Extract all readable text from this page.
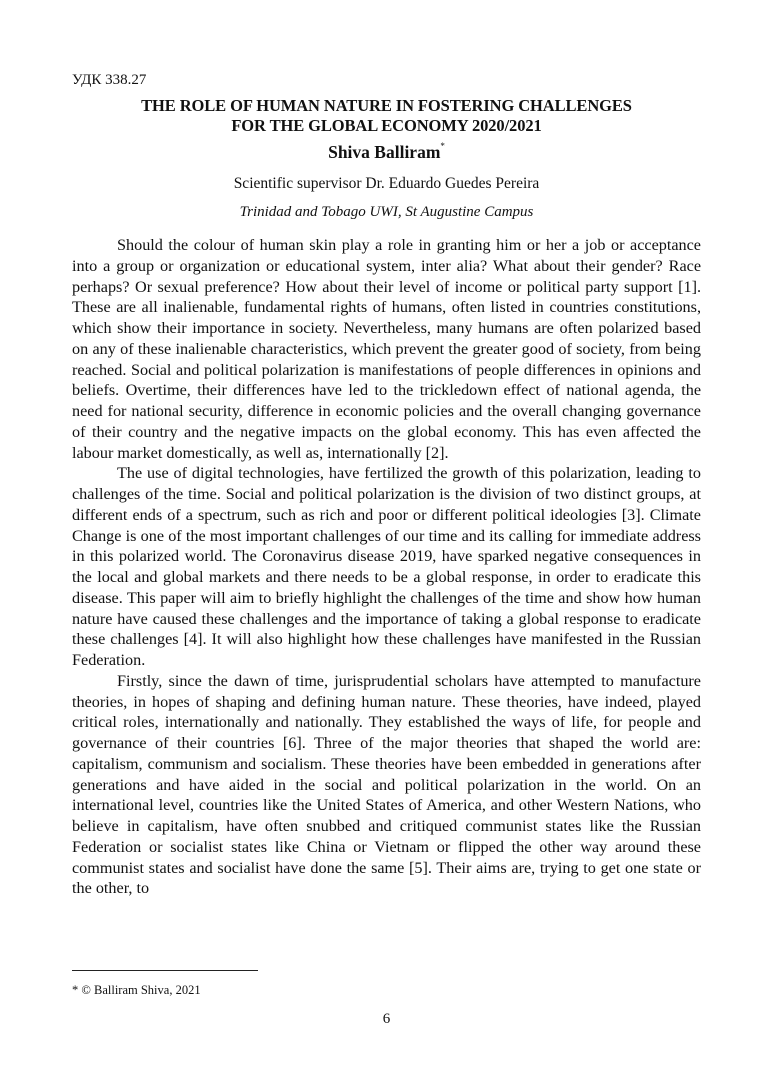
УДК 338.27
THE ROLE OF HUMAN NATURE IN FOSTERING CHALLENGES
FOR THE GLOBAL ECONOMY 2020/2021
Shiva Balliram*
Scientific supervisor Dr. Eduardo Guedes Pereira
Trinidad and Tobago UWI, St Augustine Campus

Should the colour of human skin play a role in granting him or her a job or acceptance into a group or organization or educational system, inter alia? What about their gender? Race perhaps? Or sexual preference? How about their level of income or political party support [1]. These are all inalienable, fundamental rights of humans, often listed in countries constitutions, which show their importance in society. Nevertheless, many humans are often polarized based on any of these inalienable characteristics, which prevent the greater good of society, from being reached. Social and political polarization is manifestations of people differences in opinions and beliefs. Overtime, their differences have led to the trickledown effect of national agenda, the need for national security, difference in economic policies and the overall changing governance of their country and the negative impacts on the global economy. This has even affected the labour market domestically, as well as, internationally [2].

The use of digital technologies, have fertilized the growth of this polarization, leading to challenges of the time. Social and political polarization is the division of two distinct groups, at different ends of a spectrum, such as rich and poor or different political ideologies [3]. Climate Change is one of the most important challenges of our time and its calling for immediate address in this polarized world. The Coronavirus disease 2019, have sparked negative consequences in the local and global markets and there needs to be a global response, in order to eradicate this disease. This paper will aim to briefly highlight the challenges of the time and show how human nature have caused these challenges and the importance of taking a global response to eradicate these challenges [4]. It will also highlight how these challenges have manifested in the Russian Federation.

Firstly, since the dawn of time, jurisprudential scholars have attempted to manufacture theories, in hopes of shaping and defining human nature. These theories, have indeed, played critical roles, internationally and nationally. They established the ways of life, for people and governance of their countries [6]. Three of the major theories that shaped the world are: capitalism, communism and socialism. These theories have been embedded in generations after generations and have aided in the social and political polarization in the world. On an international level, countries like the United States of America, and other Western Nations, who believe in capitalism, have often snubbed and critiqued communist states like the Russian Federation or socialist states like China or Vietnam or flipped the other way around these communist states and socialist have done the same [5]. Their aims are, trying to get one state or the other, to

* © Balliram Shiva, 2021
6
